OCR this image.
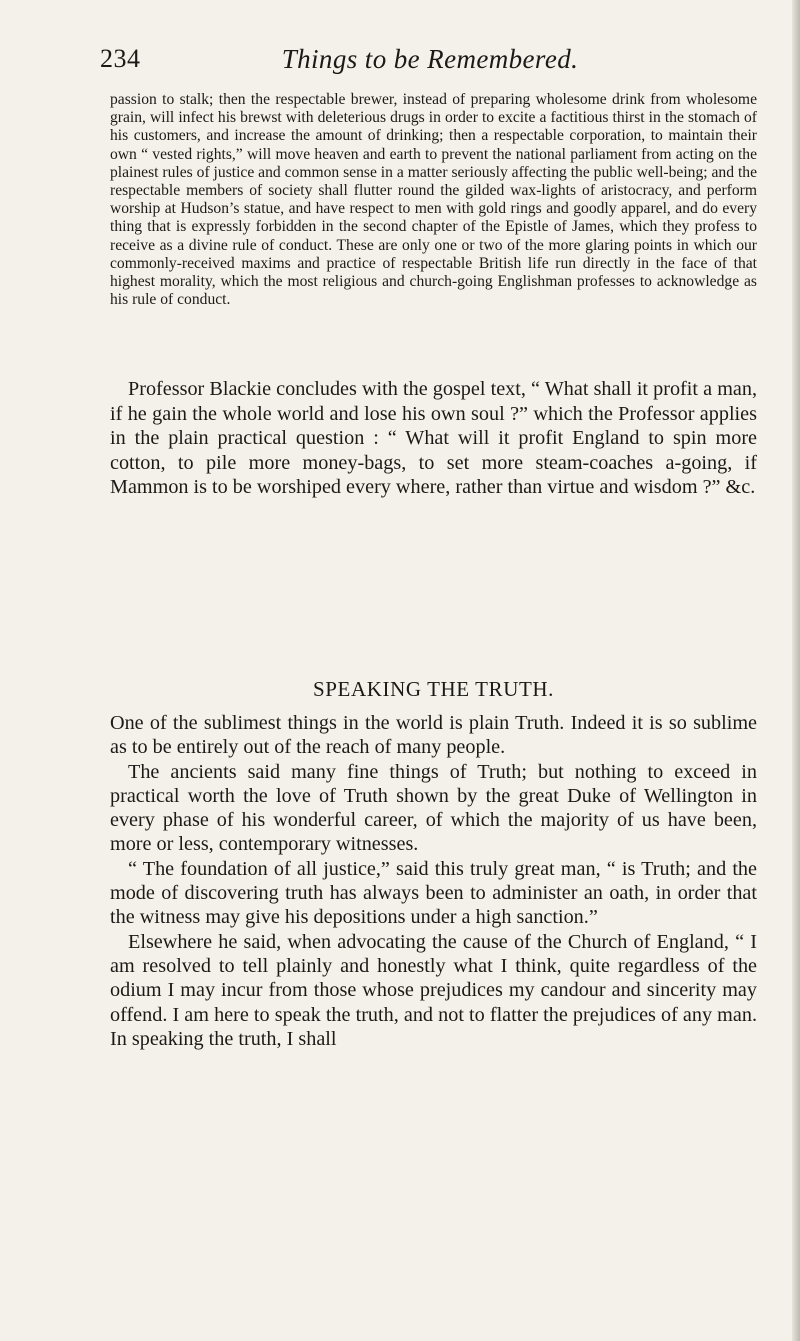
234	Things to be Remembered.

passion to stalk; then the respectable brewer, instead of preparing wholesome drink from wholesome grain, will infect his brewst with deleterious drugs in order to excite a factitious thirst in the stomach of his customers, and increase the amount of drinking; then a respectable corporation, to maintain their own “ vested rights,” will move heaven and earth to prevent the national parliament from acting on the plainest rules of justice and common sense in a matter seriously affecting the public well-being; and the respectable members of society shall flutter round the gilded wax-lights of aristocracy, and perform worship at Hudson’s statue, and have respect to men with gold rings and goodly apparel, and do every thing that is expressly forbidden in the second chapter of the Epistle of James, which they profess to receive as a divine rule of conduct. These are only one or two of the more glaring points in which our commonly-received maxims and practice of respectable British life run directly in the face of that highest morality, which the most religious and church-going Englishman professes to acknowledge as his rule of conduct.

Professor Blackie concludes with the gospel text, “ What shall it profit a man, if he gain the whole world and lose his own soul ?” which the Professor applies in the plain practical question : “ What will it profit England to spin more cotton, to pile more money-bags, to set more steam-coaches a-going, if Mammon is to be worshiped every where, rather than virtue and wisdom ?” &c.

SPEAKING THE TRUTH.

One of the sublimest things in the world is plain Truth. Indeed it is so sublime as to be entirely out of the reach of many people.

The ancients said many fine things of Truth; but nothing to exceed in practical worth the love of Truth shown by the great Duke of Wellington in every phase of his wonderful career, of which the majority of us have been, more or less, contemporary witnesses.

“ The foundation of all justice,” said this truly great man, “ is Truth; and the mode of discovering truth has always been to administer an oath, in order that the witness may give his depositions under a high sanction.”

Elsewhere he said, when advocating the cause of the Church of England, “ I am resolved to tell plainly and honestly what I think, quite regardless of the odium I may incur from those whose prejudices my candour and sincerity may offend. I am here to speak the truth, and not to flatter the prejudices of any man. In speaking the truth, I shall
